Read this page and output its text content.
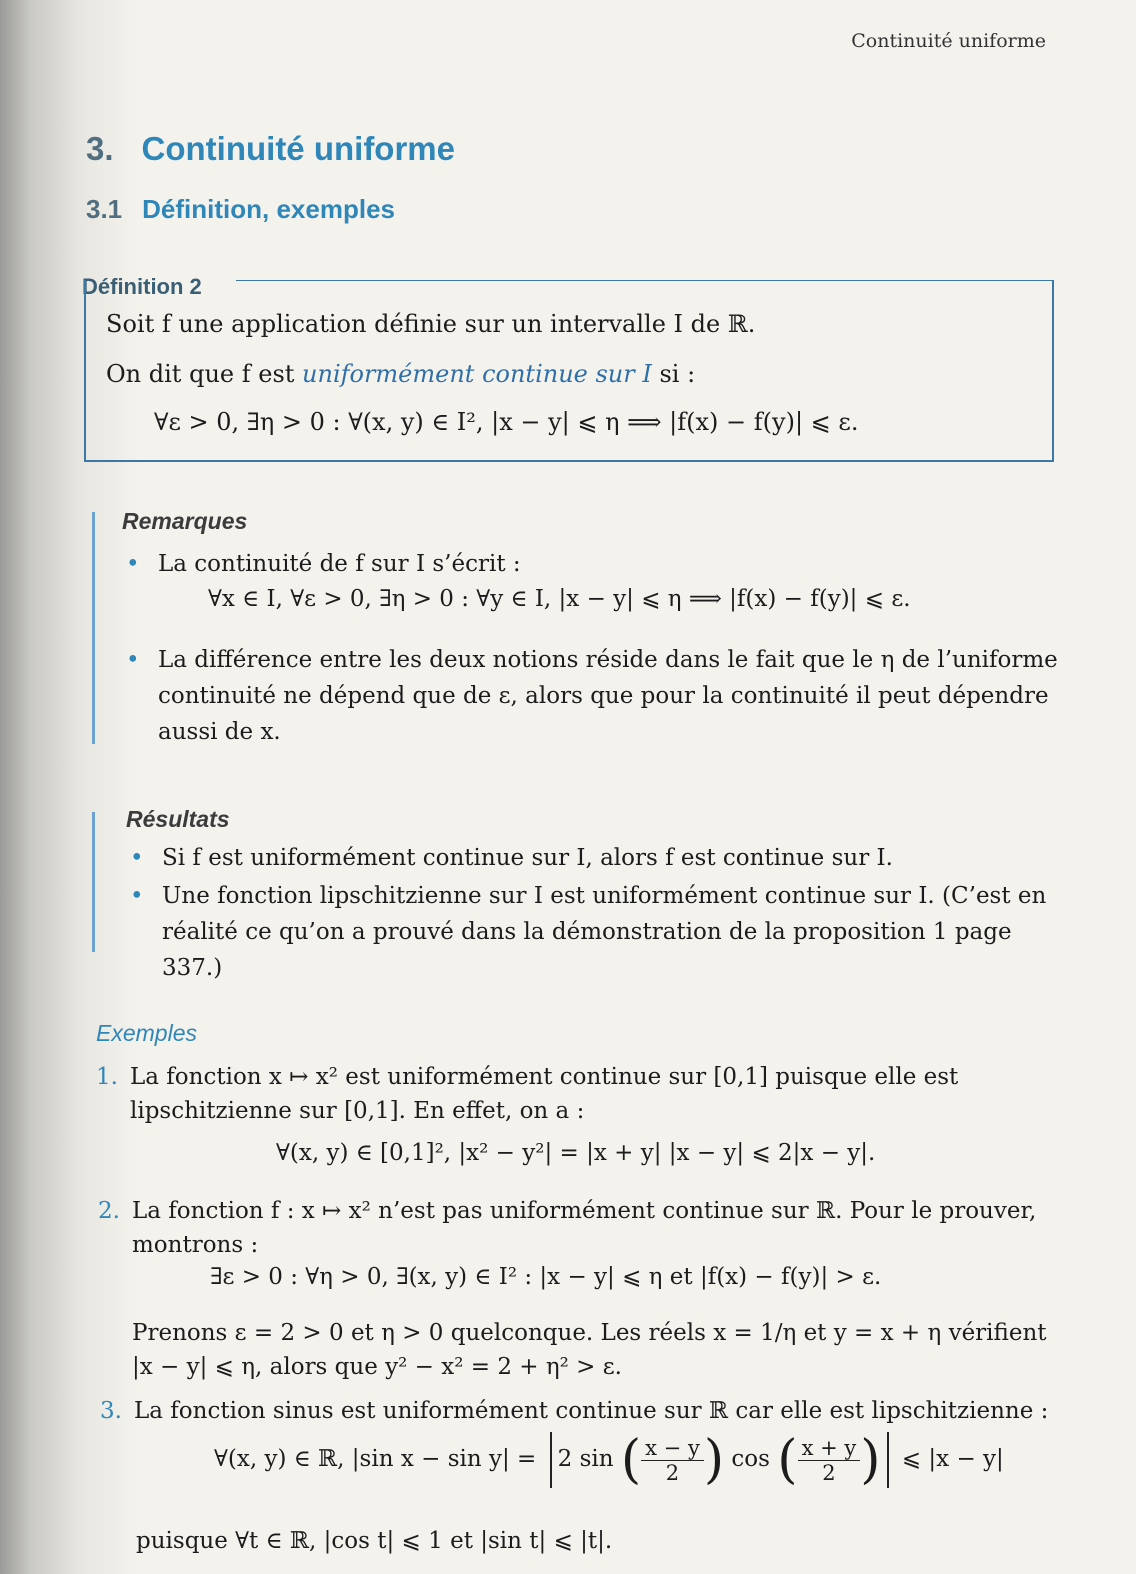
Continuité uniforme
3. Continuité uniforme
3.1 Définition, exemples
Définition 2
Soit f une application définie sur un intervalle I de ℝ.
On dit que f est uniformément continue sur I si :
∀ε > 0, ∃η > 0 : ∀(x, y) ∈ I², |x − y| ⩽ η ⟹ |f(x) − f(y)| ⩽ ε.
Remarques
• La continuité de f sur I s’écrit :
∀x ∈ I, ∀ε > 0, ∃η > 0 : ∀y ∈ I, |x − y| ⩽ η ⟹ |f(x) − f(y)| ⩽ ε.
• La différence entre les deux notions réside dans le fait que le η de l’uniforme continuité ne dépend que de ε, alors que pour la continuité il peut dépendre aussi de x.
Résultats
• Si f est uniformément continue sur I, alors f est continue sur I.
• Une fonction lipschitzienne sur I est uniformément continue sur I. (C’est en réalité ce qu’on a prouvé dans la démonstration de la proposition 1 page 337.)
Exemples
1. La fonction x ↦ x² est uniformément continue sur [0,1] puisque elle est lipschitzienne sur [0,1]. En effet, on a :
∀(x, y) ∈ [0,1]², |x² − y²| = |x + y| |x − y| ⩽ 2|x − y|.
2. La fonction f : x ↦ x² n’est pas uniformément continue sur ℝ. Pour le prouver, montrons :
∃ε > 0 : ∀η > 0, ∃(x, y) ∈ I² : |x − y| ⩽ η et |f(x) − f(y)| > ε.
Prenons ε = 2 > 0 et η > 0 quelconque. Les réels x = 1/η et y = x + η vérifient |x − y| ⩽ η, alors que y² − x² = 2 + η² > ε.
3. La fonction sinus est uniformément continue sur ℝ car elle est lipschitzienne :
∀(x, y) ∈ ℝ, |sin x − sin y| = 2 sin ( $\frac{x - y}{2}$ ) cos ( $\frac{x + y}{2}$ ) ⩽ |x − y|
puisque ∀t ∈ ℝ, |cos t| ⩽ 1 et |sin t| ⩽ |t|.
